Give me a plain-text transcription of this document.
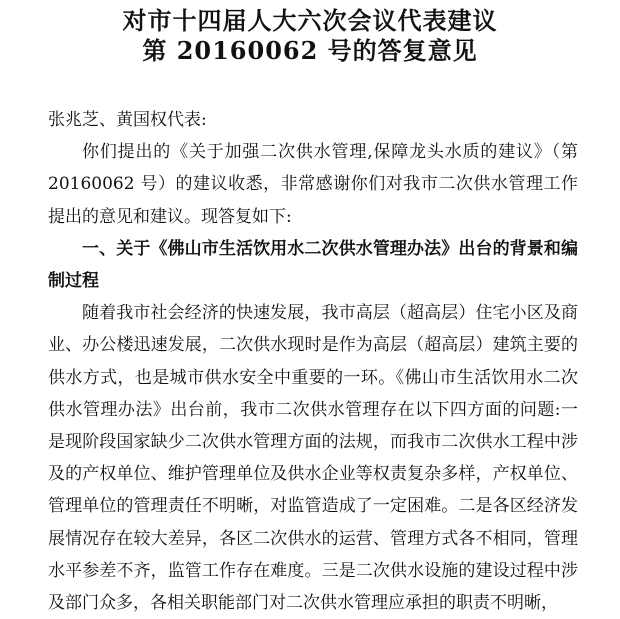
对市十四届人大六次会议代表建议
第 20160062 号的答复意见

张兆芝、黄国权代表:

你们提出的《关于加强二次供水管理,保障龙头水质的建议》（第 20160062 号）的建议收悉，非常感谢你们对我市二次供水管理工作提出的意见和建议。现答复如下:

一、关于《佛山市生活饮用水二次供水管理办法》出台的背景和编制过程

随着我市社会经济的快速发展，我市高层（超高层）住宅小区及商业、办公楼迅速发展，二次供水现时是作为高层（超高层）建筑主要的供水方式，也是城市供水安全中重要的一环。《佛山市生活饮用水二次供水管理办法》出台前，我市二次供水管理存在以下四方面的问题:一是现阶段国家缺少二次供水管理方面的法规，而我市二次供水工程中涉及的产权单位、维护管理单位及供水企业等权责复杂多样，产权单位、管理单位的管理责任不明晰，对监管造成了一定困难。二是各区经济发展情况存在较大差异，各区二次供水的运营、管理方式各不相同，管理水平参差不齐，监管工作存在难度。三是二次供水设施的建设过程中涉及部门众多，各相关职能部门对二次供水管理应承担的职责不明晰，
